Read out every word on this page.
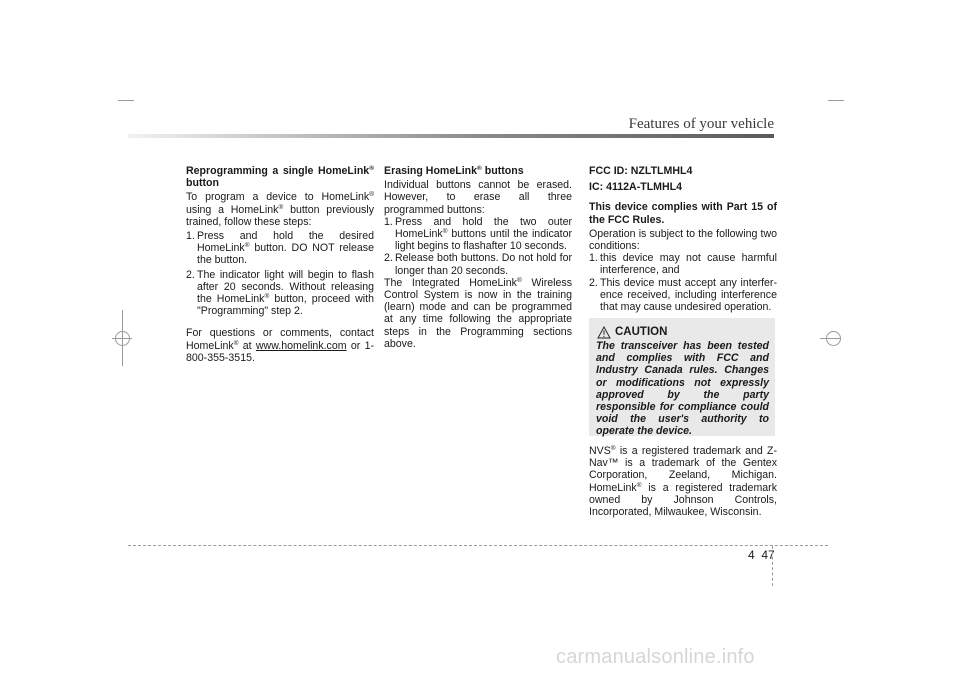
Features of your vehicle

Reprogramming a single HomeLink® button

To program a device to HomeLink® using a HomeLink® button previously trained, follow these steps:

1. Press and hold the desired HomeLink® button. DO NOT release the button.
2. The indicator light will begin to flash after 20 seconds. Without releasing the HomeLink® button, proceed with "Programming" step 2.

For questions or comments, contact HomeLink® at www.homelink.com or 1-800-355-3515.

Erasing HomeLink® buttons

Individual buttons cannot be erased. However, to erase all three programmed buttons:

1. Press and hold the two outer HomeLink® buttons until the indicator light begins to flashafter 10 seconds.
2. Release both buttons. Do not hold for longer than 20 seconds.

The Integrated HomeLink® Wireless Control System is now in the training (learn) mode and can be programmed at any time following the appropriate steps in the Programming sections above.

FCC ID: NZLTLMHL4

IC: 4112A-TLMHL4

This device complies with Part 15 of the FCC Rules.

Operation is subject to the following two conditions:

1. this device may not cause harmful interference, and
2. This device must accept any interfer-ence received, including interference that may cause undesired operation.
CAUTION
The transceiver has been tested and complies with FCC and Industry Canada rules. Changes or modifications not expressly approved by the party responsible for compliance could void the user's authority to operate the device.

NVS® is a registered trademark and Z-Nav™ is a trademark of the Gentex Corporation, Zeeland, Michigan. HomeLink® is a registered trademark owned by Johnson Controls, Incorporated, Milwaukee, Wisconsin.

4 47
carmanualsonline.info
